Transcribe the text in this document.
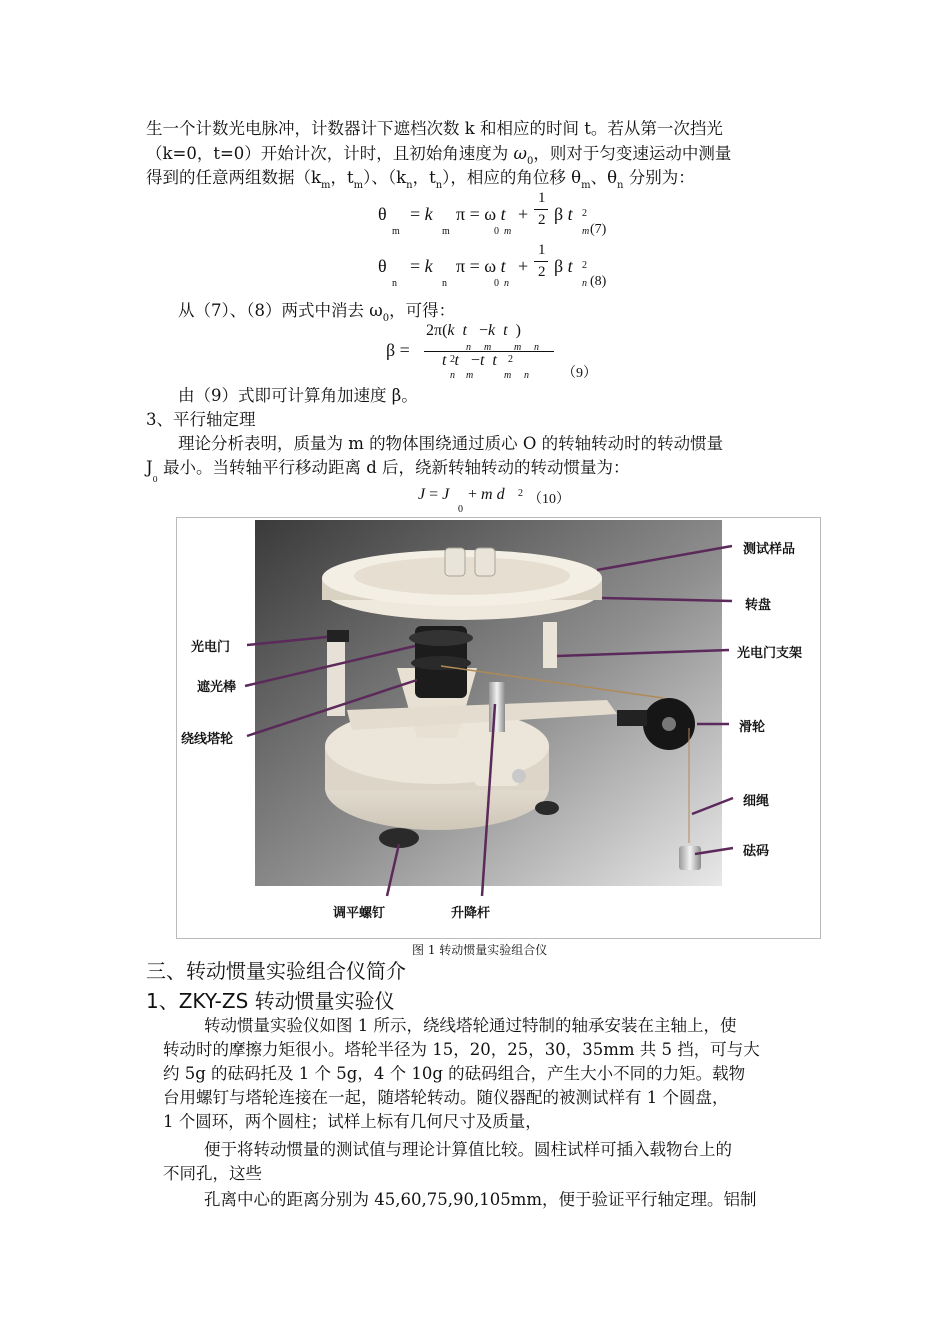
生一个计数光电脉冲，计数器计下遮档次数 k 和相应的时间 t。若从第一次挡光
（k=0，t=0）开始计次，计时，且初始角速度为 $\omega_0$，则对于匀变速运动中测量
得到的任意两组数据（$k_m$，$t_m$）、（$k_n$，$t_n$），相应的角位移 $\theta_m$、$\theta_n$ 分别为：
θ
m
= k
m
π = ω t
0 m
+
1
2 β t 2
m (7)
θ
n
= k
n
π = ω t
0 n
+
1
2 β t 2
n (8)
从（7）、（8）两式中消去 $\omega_0$，可得：
β =
2π(k t   −k t  )
n m m n
t t   −t t
2
n m
2
m n （9）
由（9）式即可计算角加速度 β。
3、平行轴定理
理论分析表明，质量为 m 的物体围绕通过质心 O 的转轴转动时的转动惯量
$J_0$ 最小。当转轴平行移动距离 d 后，绕新转轴转动的转动惯量为：
J = J
0
+ m d 2 （10）
测试样品
转盘
光电门	光电门支架
遮光棒
滑轮
绕线塔轮
细绳
砝码
调平螺钉	升降杆
图 1 转动惯量实验组合仪
三、转动惯量实验组合仪简介
1、ZKY-ZS 转动惯量实验仪
转动惯量实验仪如图 1 所示，绕线塔轮通过特制的轴承安装在主轴上，使
转动时的摩擦力矩很小。塔轮半径为 15，20，25，30，35mm 共 5 挡，可与大
约 5g 的砝码托及 1 个 5g，4 个 10g 的砝码组合，产生大小不同的力矩。载物
台用螺钉与塔轮连接在一起，随塔轮转动。随仪器配的被测试样有 1 个圆盘，
1 个圆环，两个圆柱；试样上标有几何尺寸及质量，
便于将转动惯量的测试值与理论计算值比较。圆柱试样可插入载物台上的
不同孔，这些
孔离中心的距离分别为 45,60,75,90,105mm，便于验证平行轴定理。铝制
